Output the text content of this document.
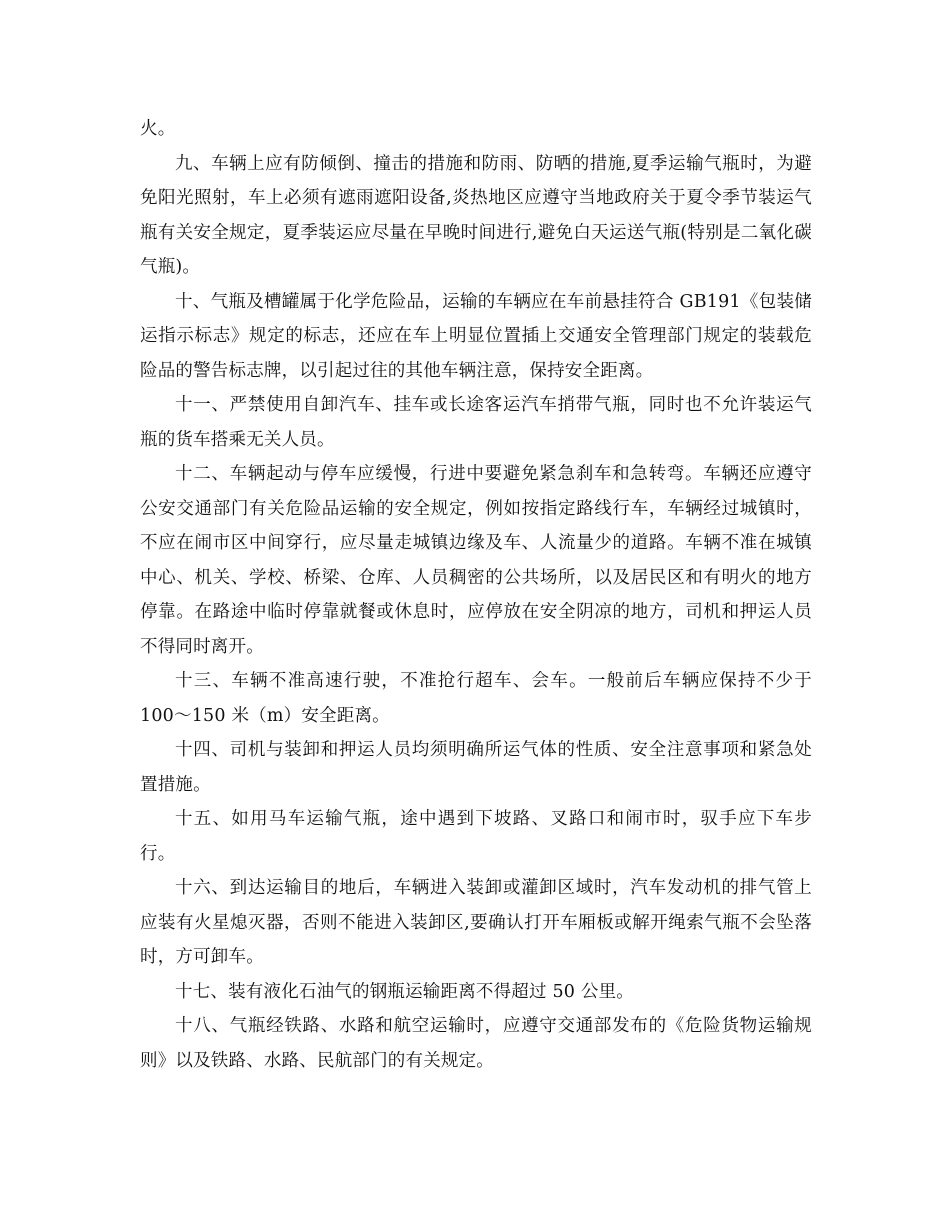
火。

九、车辆上应有防倾倒、撞击的措施和防雨、防晒的措施,夏季运输气瓶时，为避免阳光照射，车上必须有遮雨遮阳设备,炎热地区应遵守当地政府关于夏令季节装运气瓶有关安全规定，夏季装运应尽量在早晚时间进行,避免白天运送气瓶(特别是二氧化碳气瓶)。

十、气瓶及槽罐属于化学危险品，运输的车辆应在车前悬挂符合 GB191《包装储运指示标志》规定的标志，还应在车上明显位置插上交通安全管理部门规定的装载危险品的警告标志牌，以引起过往的其他车辆注意，保持安全距离。

十一、严禁使用自卸汽车、挂车或长途客运汽车捎带气瓶，同时也不允许装运气瓶的货车搭乘无关人员。

十二、车辆起动与停车应缓慢，行进中要避免紧急刹车和急转弯。车辆还应遵守公安交通部门有关危险品运输的安全规定，例如按指定路线行车，车辆经过城镇时，不应在闹市区中间穿行，应尽量走城镇边缘及车、人流量少的道路。车辆不准在城镇中心、机关、学校、桥梁、仓库、人员稠密的公共场所，以及居民区和有明火的地方停靠。在路途中临时停靠就餐或休息时，应停放在安全阴凉的地方，司机和押运人员不得同时离开。

十三、车辆不准高速行驶，不准抢行超车、会车。一般前后车辆应保持不少于 100～150 米（m）安全距离。

十四、司机与装卸和押运人员均须明确所运气体的性质、安全注意事项和紧急处置措施。

十五、如用马车运输气瓶，途中遇到下坡路、叉路口和闹市时，驭手应下车步行。

十六、到达运输目的地后，车辆进入装卸或灌卸区域时，汽车发动机的排气管上应装有火星熄灭器，否则不能进入装卸区,要确认打开车厢板或解开绳索气瓶不会坠落时，方可卸车。

十七、装有液化石油气的钢瓶运输距离不得超过 50 公里。

十八、气瓶经铁路、水路和航空运输时，应遵守交通部发布的《危险货物运输规则》以及铁路、水路、民航部门的有关规定。
